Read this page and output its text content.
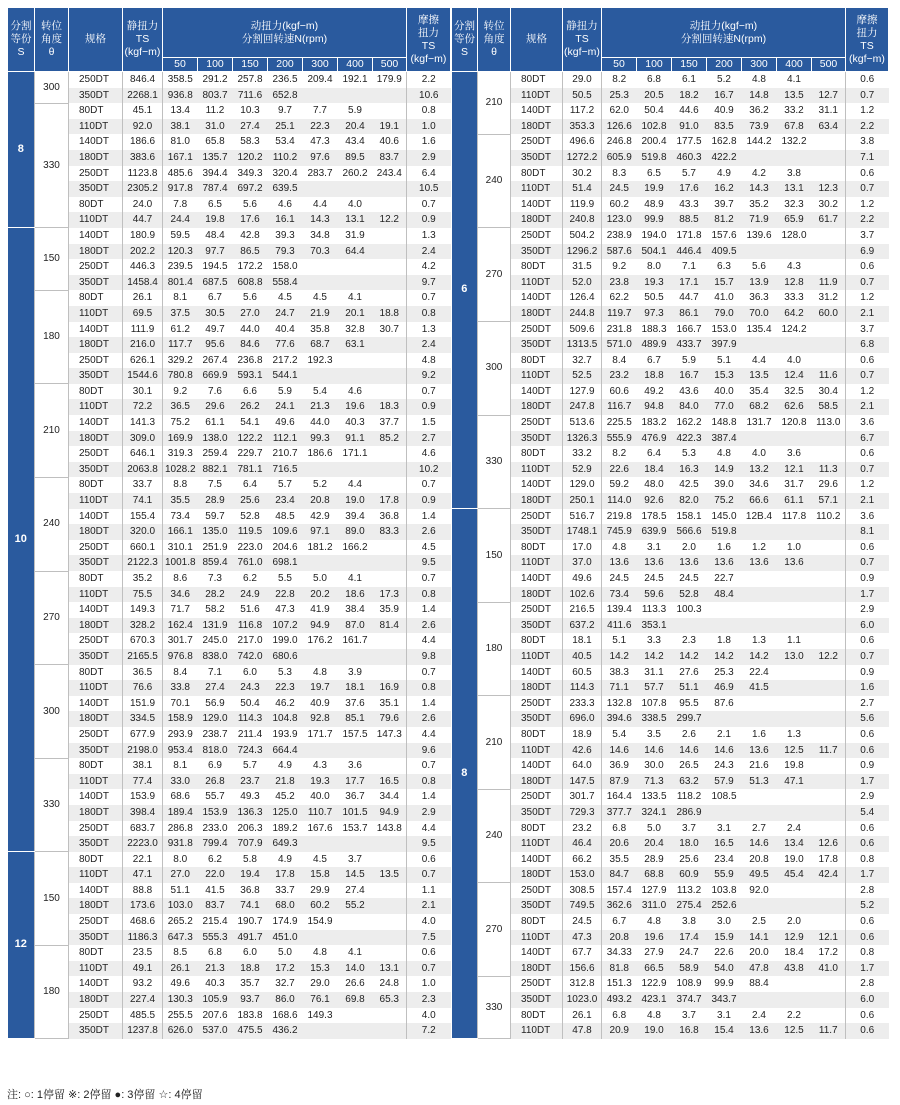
分割
等份
S	转位
角度
θ	规格	静扭力
TS
(kgf−m)	动扭力(kgf−m)
分割回转速N(rpm)							摩擦
扭力
TS
(kgf−m)
				50	100	150	200	300	400	500	
8	300	250DT	846.4	358.5	291.2	257.8	236.5	209.4	192.1	179.9	2.2
		350DT	2268.1	936.8	803.7	711.6	652.8				10.6
	330	80DT	45.1	13.4	11.2	10.3	9.7	7.7	5.9		0.8
		110DT	92.0	38.1	31.0	27.4	25.1	22.3	20.4	19.1	1.0
		140DT	186.6	81.0	65.8	58.3	53.4	47.3	43.4	40.6	1.6
		180DT	383.6	167.1	135.7	120.2	110.2	97.6	89.5	83.7	2.9
		250DT	1123.8	485.6	394.4	349.3	320.4	283.7	260.2	243.4	6.4
		350DT	2305.2	917.8	787.4	697.2	639.5				10.5
		80DT	24.0	7.8	6.5	5.6	4.6	4.4	4.0		0.7
		110DT	44.7	24.4	19.8	17.6	16.1	14.3	13.1	12.2	0.9
10	150	140DT	180.9	59.5	48.4	42.8	39.3	34.8	31.9		1.3
		180DT	202.2	120.3	97.7	86.5	79.3	70.3	64.4		2.4
		250DT	446.3	239.5	194.5	172.2	158.0				4.2
		350DT	1458.4	801.4	687.5	608.8	558.4				9.7
	180	80DT	26.1	8.1	6.7	5.6	4.5	4.5	4.1		0.7
		110DT	69.5	37.5	30.5	27.0	24.7	21.9	20.1	18.8	0.8
		140DT	111.9	61.2	49.7	44.0	40.4	35.8	32.8	30.7	1.3
		180DT	216.0	117.7	95.6	84.6	77.6	68.7	63.1		2.4
		250DT	626.1	329.2	267.4	236.8	217.2	192.3			4.8
		350DT	1544.6	780.8	669.9	593.1	544.1				9.2
	210	80DT	30.1	9.2	7.6	6.6	5.9	5.4	4.6		0.7
		110DT	72.2	36.5	29.6	26.2	24.1	21.3	19.6	18.3	0.9
		140DT	141.3	75.2	61.1	54.1	49.6	44.0	40.3	37.7	1.5
		180DT	309.0	169.9	138.0	122.2	112.1	99.3	91.1	85.2	2.7
		250DT	646.1	319.3	259.4	229.7	210.7	186.6	171.1		4.6
		350DT	2063.8	1028.2	882.1	781.1	716.5				10.2
	240	80DT	33.7	8.8	7.5	6.4	5.7	5.2	4.4		0.7
		110DT	74.1	35.5	28.9	25.6	23.4	20.8	19.0	17.8	0.9
		140DT	155.4	73.4	59.7	52.8	48.5	42.9	39.4	36.8	1.4
		180DT	320.0	166.1	135.0	119.5	109.6	97.1	89.0	83.3	2.6
		250DT	660.1	310.1	251.9	223.0	204.6	181.2	166.2		4.5
		350DT	2122.3	1001.8	859.4	761.0	698.1				9.5
	270	80DT	35.2	8.6	7.3	6.2	5.5	5.0	4.1		0.7
		110DT	75.5	34.6	28.2	24.9	22.8	20.2	18.6	17.3	0.8
		140DT	149.3	71.7	58.2	51.6	47.3	41.9	38.4	35.9	1.4
		180DT	328.2	162.4	131.9	116.8	107.2	94.9	87.0	81.4	2.6
		250DT	670.3	301.7	245.0	217.0	199.0	176.2	161.7		4.4
		350DT	2165.5	976.8	838.0	742.0	680.6				9.8
	300	80DT	36.5	8.4	7.1	6.0	5.3	4.8	3.9		0.7
		110DT	76.6	33.8	27.4	24.3	22.3	19.7	18.1	16.9	0.8
		140DT	151.9	70.1	56.9	50.4	46.2	40.9	37.6	35.1	1.4
		180DT	334.5	158.9	129.0	114.3	104.8	92.8	85.1	79.6	2.6
		250DT	677.9	293.9	238.7	211.4	193.9	171.7	157.5	147.3	4.4
		350DT	2198.0	953.4	818.0	724.3	664.4				9.6
	330	80DT	38.1	8.1	6.9	5.7	4.9	4.3	3.6		0.7
		110DT	77.4	33.0	26.8	23.7	21.8	19.3	17.7	16.5	0.8
		140DT	153.9	68.6	55.7	49.3	45.2	40.0	36.7	34.4	1.4
		180DT	398.4	189.4	153.9	136.3	125.0	110.7	101.5	94.9	2.9
		250DT	683.7	286.8	233.0	206.3	189.2	167.6	153.7	143.8	4.4
		350DT	2223.0	931.8	799.4	707.9	649.3				9.5
12	150	80DT	22.1	8.0	6.2	5.8	4.9	4.5	3.7		0.6
		110DT	47.1	27.0	22.0	19.4	17.8	15.8	14.5	13.5	0.7
		140DT	88.8	51.1	41.5	36.8	33.7	29.9	27.4		1.1
		180DT	173.6	103.0	83.7	74.1	68.0	60.2	55.2		2.1
		250DT	468.6	265.2	215.4	190.7	174.9	154.9			4.0
		350DT	1186.3	647.3	555.3	491.7	451.0				7.5
	180	80DT	23.5	8.5	6.8	6.0	5.0	4.8	4.1		0.6
		110DT	49.1	26.1	21.3	18.8	17.2	15.3	14.0	13.1	0.7
		140DT	93.2	49.6	40.3	35.7	32.7	29.0	26.6	24.8	1.0
		180DT	227.4	130.3	105.9	93.7	86.0	76.1	69.8	65.3	2.3
		250DT	485.5	255.5	207.6	183.8	168.6	149.3			4.0
		350DT	1237.8	626.0	537.0	475.5	436.2				7.2
分割
等份
S	转位
角度
θ	规格	静扭力
TS
(kgf−m)	动扭力(kgf−m)
分割回转速N(rpm)							摩擦
扭力
TS
(kgf−m)
				50	100	150	200	300	400	500	
6	210	80DT	29.0	8.2	6.8	6.1	5.2	4.8	4.1		0.6
		110DT	50.5	25.3	20.5	18.2	16.7	14.8	13.5	12.7	0.7
		140DT	117.2	62.0	50.4	44.6	40.9	36.2	33.2	31.1	1.2
		180DT	353.3	126.6	102.8	91.0	83.5	73.9	67.8	63.4	2.2
	240	250DT	496.6	246.8	200.4	177.5	162.8	144.2	132.2		3.8
		350DT	1272.2	605.9	519.8	460.3	422.2				7.1
		80DT	30.2	8.3	6.5	5.7	4.9	4.2	3.8		0.6
		110DT	51.4	24.5	19.9	17.6	16.2	14.3	13.1	12.3	0.7
		140DT	119.9	60.2	48.9	43.3	39.7	35.2	32.3	30.2	1.2
		180DT	240.8	123.0	99.9	88.5	81.2	71.9	65.9	61.7	2.2
	270	250DT	504.2	238.9	194.0	171.8	157.6	139.6	128.0		3.7
		350DT	1296.2	587.6	504.1	446.4	409.5				6.9
		80DT	31.5	9.2	8.0	7.1	6.3	5.6	4.3		0.6
		110DT	52.0	23.8	19.3	17.1	15.7	13.9	12.8	11.9	0.7
		140DT	126.4	62.2	50.5	44.7	41.0	36.3	33.3	31.2	1.2
		180DT	244.8	119.7	97.3	86.1	79.0	70.0	64.2	60.0	2.1
	300	250DT	509.6	231.8	188.3	166.7	153.0	135.4	124.2		3.7
		350DT	1313.5	571.0	489.9	433.7	397.9				6.8
		80DT	32.7	8.4	6.7	5.9	5.1	4.4	4.0		0.6
		110DT	52.5	23.2	18.8	16.7	15.3	13.5	12.4	11.6	0.7
		140DT	127.9	60.6	49.2	43.6	40.0	35.4	32.5	30.4	1.2
		180DT	247.8	116.7	94.8	84.0	77.0	68.2	62.6	58.5	2.1
	330	250DT	513.6	225.5	183.2	162.2	148.8	131.7	120.8	113.0	3.6
		350DT	1326.3	555.9	476.9	422.3	387.4				6.7
		80DT	33.2	8.2	6.4	5.3	4.8	4.0	3.6		0.6
		110DT	52.9	22.6	18.4	16.3	14.9	13.2	12.1	11.3	0.7
		140DT	129.0	59.2	48.0	42.5	39.0	34.6	31.7	29.6	1.2
		180DT	250.1	114.0	92.6	82.0	75.2	66.6	61.1	57.1	2.1
8	150	250DT	516.7	219.8	178.5	158.1	145.0	12B.4	117.8	110.2	3.6
		350DT	1748.1	745.9	639.9	566.6	519.8				8.1
		80DT	17.0	4.8	3.1	2.0	1.6	1.2	1.0		0.6
		110DT	37.0	13.6	13.6	13.6	13.6	13.6	13.6		0.7
		140DT	49.6	24.5	24.5	24.5	22.7				0.9
		180DT	102.6	73.4	59.6	52.8	48.4				1.7
	180	250DT	216.5	139.4	113.3	100.3					2.9
		350DT	637.2	411.6	353.1						6.0
		80DT	18.1	5.1	3.3	2.3	1.8	1.3	1.1		0.6
		110DT	40.5	14.2	14.2	14.2	14.2	14.2	13.0	12.2	0.7
		140DT	60.5	38.3	31.1	27.6	25.3	22.4			0.9
		180DT	114.3	71.1	57.7	51.1	46.9	41.5			1.6
	210	250DT	233.3	132.8	107.8	95.5	87.6				2.7
		350DT	696.0	394.6	338.5	299.7					5.6
		80DT	18.9	5.4	3.5	2.6	2.1	1.6	1.3		0.6
		110DT	42.6	14.6	14.6	14.6	14.6	13.6	12.5	11.7	0.6
		140DT	64.0	36.9	30.0	26.5	24.3	21.6	19.8		0.9
		180DT	147.5	87.9	71.3	63.2	57.9	51.3	47.1		1.7
	240	250DT	301.7	164.4	133.5	118.2	108.5				2.9
		350DT	729.3	377.7	324.1	286.9					5.4
		80DT	23.2	6.8	5.0	3.7	3.1	2.7	2.4		0.6
		110DT	46.4	20.6	20.4	18.0	16.5	14.6	13.4	12.6	0.6
		140DT	66.2	35.5	28.9	25.6	23.4	20.8	19.0	17.8	0.8
		180DT	153.0	84.7	68.8	60.9	55.9	49.5	45.4	42.4	1.7
	270	250DT	308.5	157.4	127.9	113.2	103.8	92.0			2.8
		350DT	749.5	362.6	311.0	275.4	252.6				5.2
		80DT	24.5	6.7	4.8	3.8	3.0	2.5	2.0		0.6
		110DT	47.3	20.8	19.6	17.4	15.9	14.1	12.9	12.1	0.6
		140DT	67.7	34.33	27.9	24.7	22.6	20.0	18.4	17.2	0.8
		180DT	156.6	81.8	66.5	58.9	54.0	47.8	43.8	41.0	1.7
	330	250DT	312.8	151.3	122.9	108.9	99.9	88.4			2.8
		350DT	1023.0	493.2	423.1	374.7	343.7				6.0
		80DT	26.1	6.8	4.8	3.7	3.1	2.4	2.2		0.6
		110DT	47.8	20.9	19.0	16.8	15.4	13.6	12.5	11.7	0.6
注: ○: 1停留 ※: 2停留 ●: 3停留 ☆: 4停留
